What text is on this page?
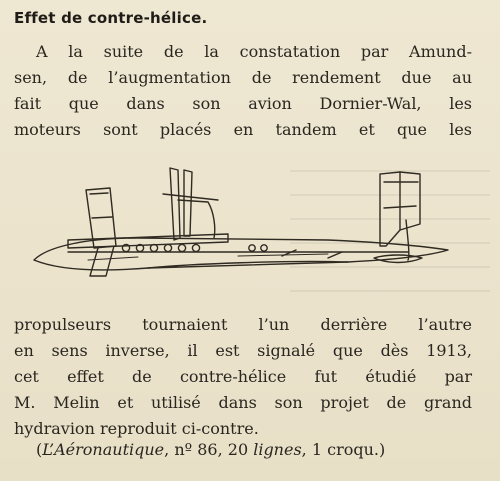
Effet de contre-hélice.
A la suite de la constatation par Amund-
sen, de l’augmentation de rendement due au
fait que dans son avion Dornier-Wal, les
moteurs sont placés en tandem et que les
propulseurs tournaient l’un derrière l’autre
en sens inverse, il est signalé que dès 1913,
cet effet de contre-hélice fut étudié par
M. Melin et utilisé dans son projet de grand
hydravion reproduit ci-contre.
(L’Aéronautique, nº 86, 20 lignes, 1 croqu.)
